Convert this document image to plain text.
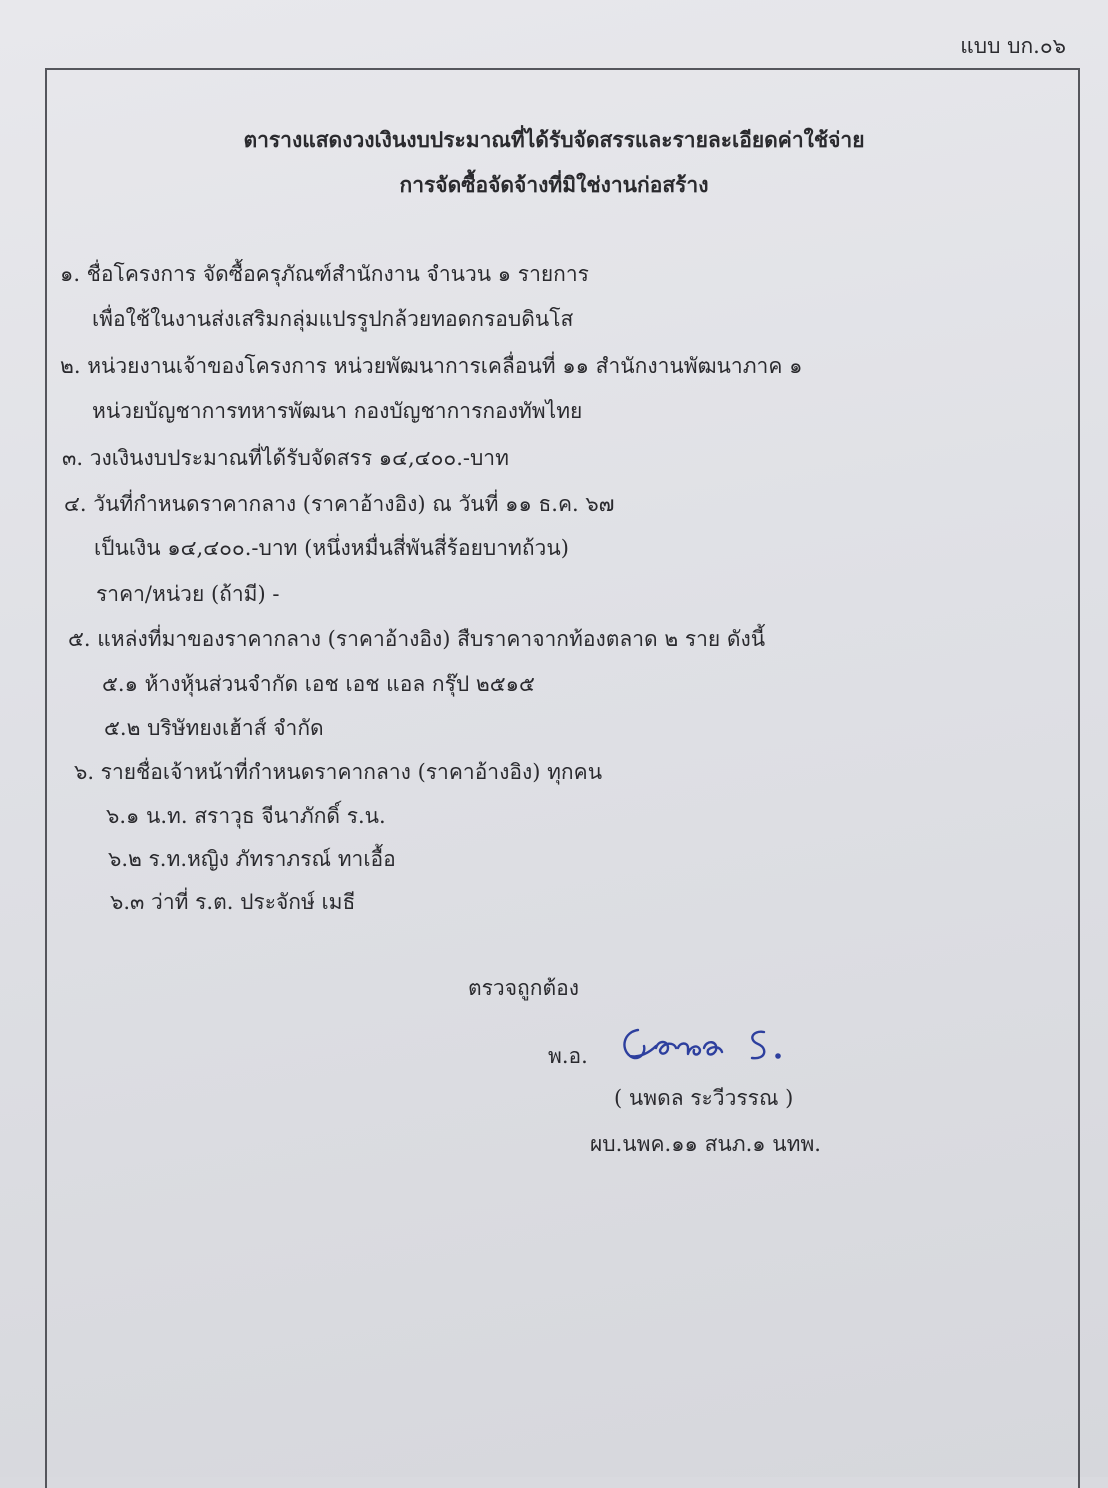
แบบ บก.๐๖
ตารางแสดงวงเงินงบประมาณที่ได้รับจัดสรรและรายละเอียดค่าใช้จ่าย
การจัดซื้อจัดจ้างที่มิใช่งานก่อสร้าง
๑. ชื่อโครงการ จัดซื้อครุภัณฑ์สำนักงาน จำนวน ๑ รายการ
เพื่อใช้ในงานส่งเสริมกลุ่มแปรรูปกล้วยทอดกรอบดินโส
๒. หน่วยงานเจ้าของโครงการ หน่วยพัฒนาการเคลื่อนที่ ๑๑ สำนักงานพัฒนาภาค ๑
หน่วยบัญชาการทหารพัฒนา กองบัญชาการกองทัพไทย
๓. วงเงินงบประมาณที่ได้รับจัดสรร ๑๔,๔๐๐.-บาท
๔. วันที่กำหนดราคากลาง (ราคาอ้างอิง) ณ วันที่ ๑๑ ธ.ค. ๖๗
เป็นเงิน ๑๔,๔๐๐.-บาท (หนึ่งหมื่นสี่พันสี่ร้อยบาทถ้วน)
ราคา/หน่วย (ถ้ามี) -
๕. แหล่งที่มาของราคากลาง (ราคาอ้างอิง) สืบราคาจากท้องตลาด ๒ ราย ดังนี้
๕.๑ ห้างหุ้นส่วนจำกัด เอช เอช แอล กรุ๊ป ๒๕๑๕
๕.๒ บริษัทยงเฮ้าส์ จำกัด
๖. รายชื่อเจ้าหน้าที่กำหนดราคากลาง (ราคาอ้างอิง) ทุกคน
๖.๑ น.ท. สราวุธ จีนาภักดิ์ ร.น.
๖.๒ ร.ท.หญิง ภัทราภรณ์ ทาเอื้อ
๖.๓ ว่าที่ ร.ต. ประจักษ์ เมธี
ตรวจถูกต้อง
พ.อ.
( นพดล ระวีวรรณ )
ผบ.นพค.๑๑ สนภ.๑ นทพ.
